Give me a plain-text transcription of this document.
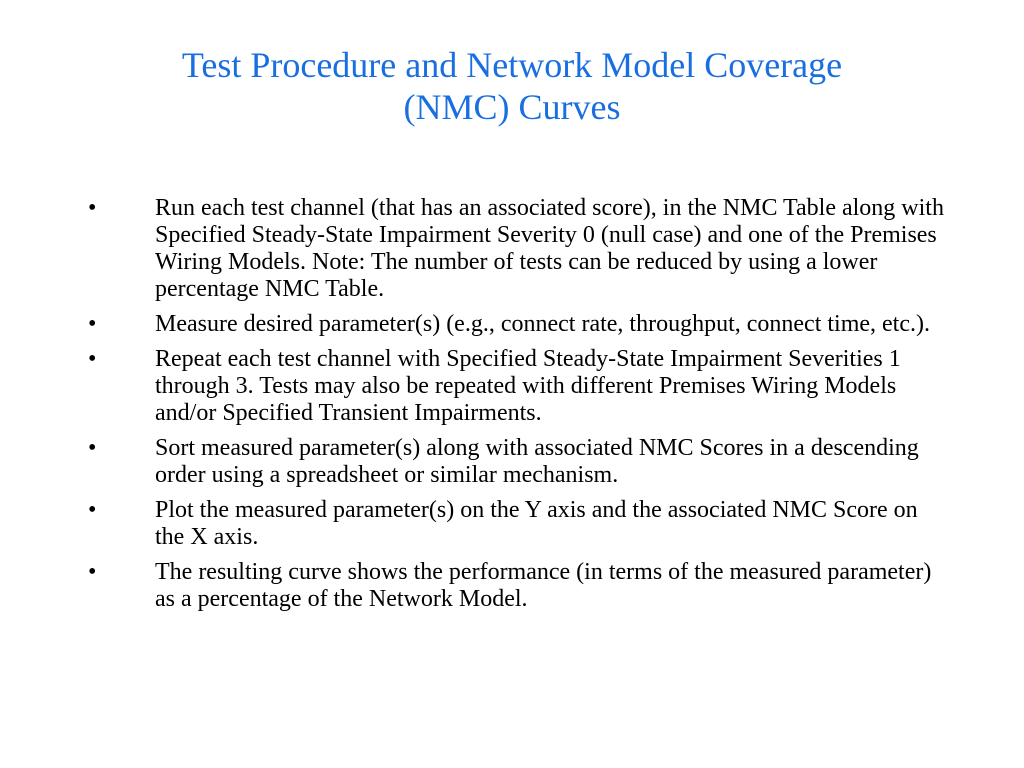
Test Procedure and Network Model Coverage
(NMC) Curves
• Run each test channel (that has an associated score), in the NMC Table along with Specified Steady-State Impairment Severity 0 (null case) and one of the Premises Wiring Models. Note: The number of tests can be reduced by using a lower percentage NMC Table.
• Measure desired parameter(s) (e.g., connect rate, throughput, connect time, etc.).
• Repeat each test channel with Specified Steady-State Impairment Severities 1 through 3. Tests may also be repeated with different Premises Wiring Models and/or Specified Transient Impairments.
• Sort measured parameter(s) along with associated NMC Scores in a descending order using a spreadsheet or similar mechanism.
• Plot the measured parameter(s) on the Y axis and the associated NMC Score on the X axis.
• The resulting curve shows the performance (in terms of the measured parameter) as a percentage of the Network Model.
